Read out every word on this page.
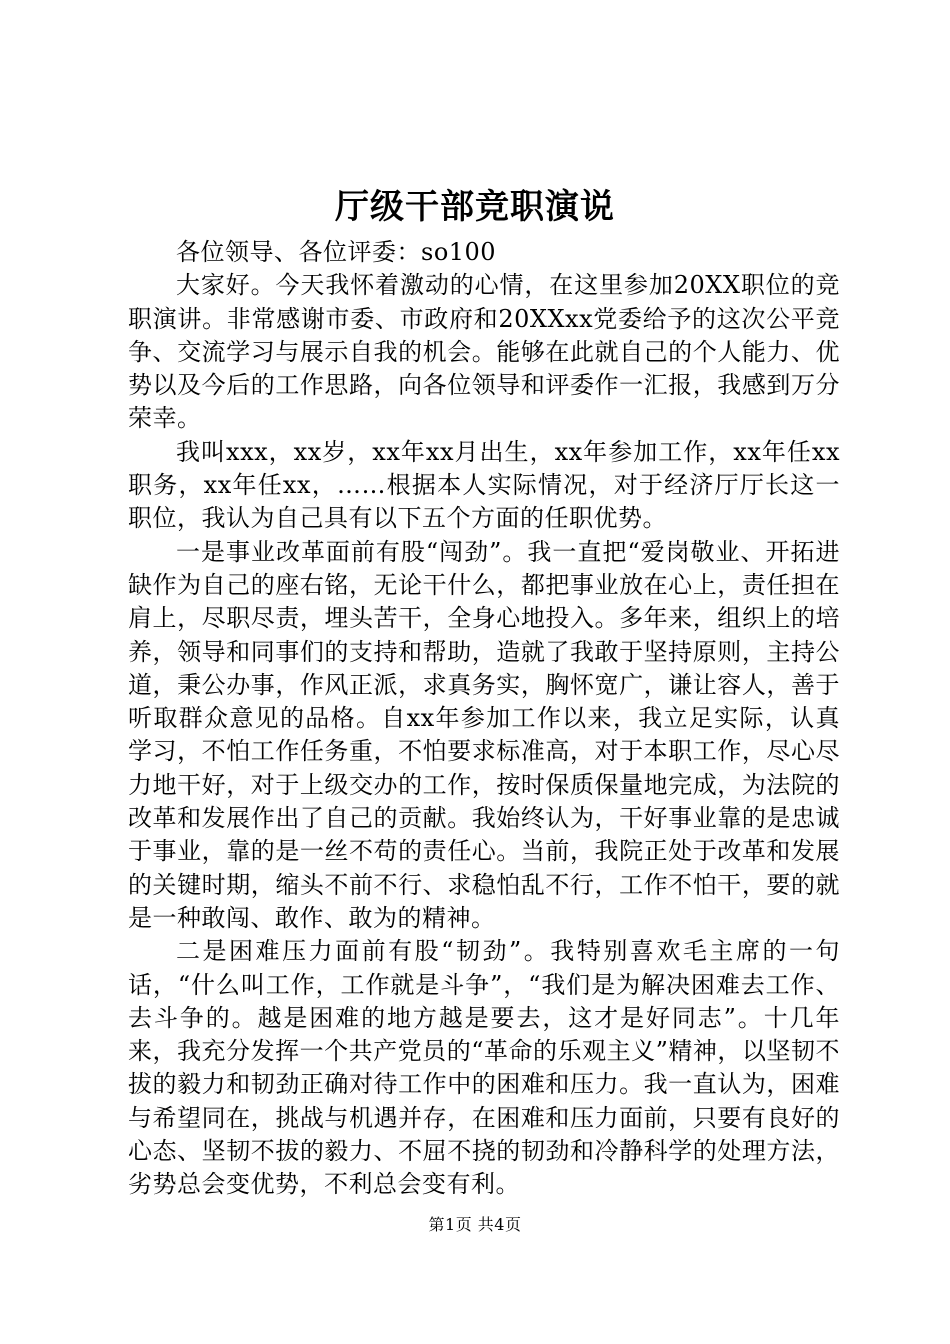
厅级干部竞职演说

各位领导、各位评委：so100

大家好。今天我怀着激动的心情，在这里参加20XX职位的竞职演讲。非常感谢市委、市政府和20XXxx党委给予的这次公平竞争、交流学习与展示自我的机会。能够在此就自己的个人能力、优势以及今后的工作思路，向各位领导和评委作一汇报，我感到万分荣幸。

我叫xxx，xx岁，xx年xx月出生，xx年参加工作，xx年任xx职务，xx年任xx，……根据本人实际情况，对于经济厅厅长这一职位，我认为自己具有以下五个方面的任职优势。

一是事业改革面前有股“闯劲”。我一直把“爱岗敬业、开拓进缺作为自己的座右铭，无论干什么，都把事业放在心上，责任担在肩上，尽职尽责，埋头苦干，全身心地投入。多年来，组织上的培养，领导和同事们的支持和帮助，造就了我敢于坚持原则，主持公道，秉公办事，作风正派，求真务实，胸怀宽广，谦让容人，善于听取群众意见的品格。自xx年参加工作以来，我立足实际，认真学习，不怕工作任务重，不怕要求标准高，对于本职工作，尽心尽力地干好，对于上级交办的工作，按时保质保量地完成，为法院的改革和发展作出了自己的贡献。我始终认为，干好事业靠的是忠诚于事业，靠的是一丝不苟的责任心。当前，我院正处于改革和发展的关键时期，缩头不前不行、求稳怕乱不行，工作不怕干，要的就是一种敢闯、敢作、敢为的精神。

二是困难压力面前有股“韧劲”。我特别喜欢毛主席的一句话，“什么叫工作，工作就是斗争”，“我们是为解决困难去工作、去斗争的。越是困难的地方越是要去，这才是好同志”。十几年来，我充分发挥一个共产党员的“革命的乐观主义”精神，以坚韧不拔的毅力和韧劲正确对待工作中的困难和压力。我一直认为，困难与希望同在，挑战与机遇并存，在困难和压力面前，只要有良好的心态、坚韧不拔的毅力、不屈不挠的韧劲和冷静科学的处理方法，劣势总会变优势，不利总会变有利。

第1页 共4页
